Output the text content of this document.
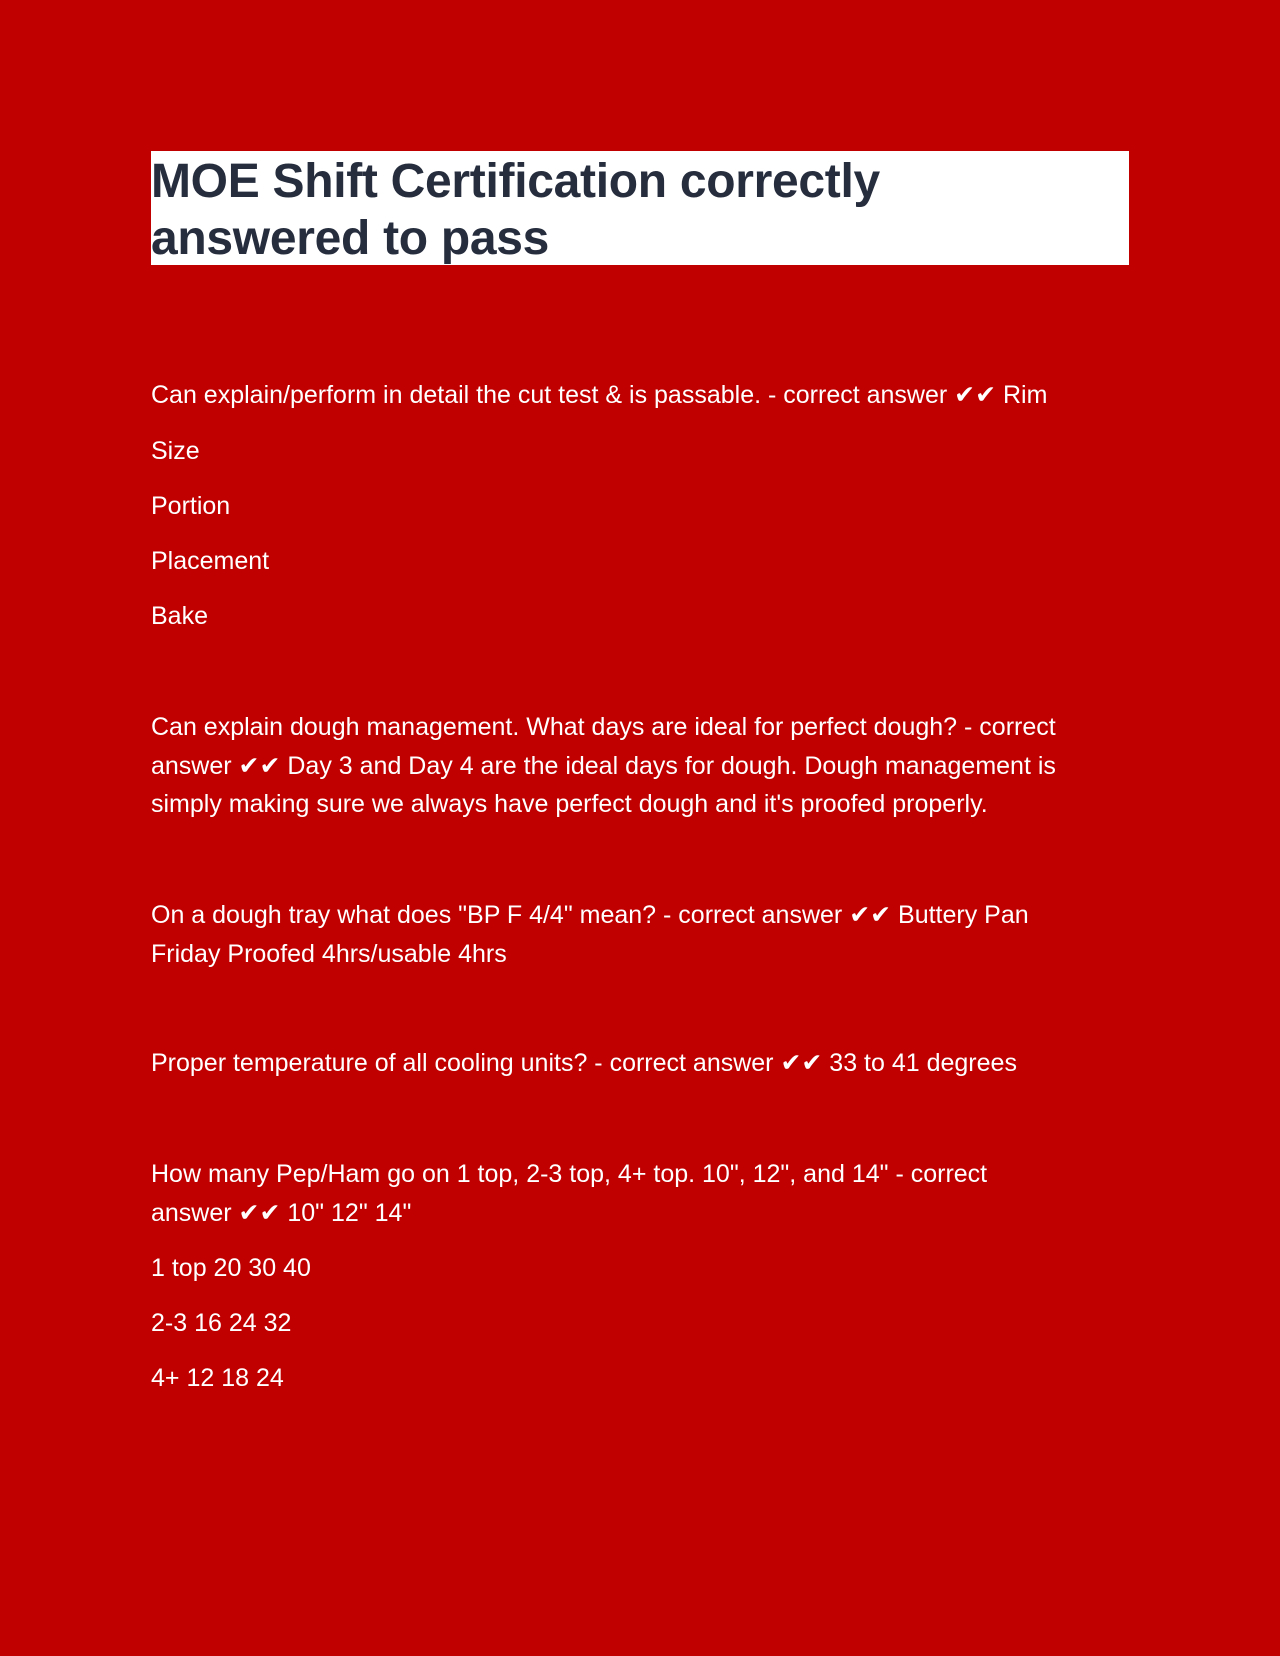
MOE Shift Certification correctly
answered to pass
Can explain/perform in detail the cut test & is passable. - correct answer ✔✔ Rim
Size
Portion
Placement
Bake
Can explain dough management. What days are ideal for perfect dough? - correct
answer ✔✔ Day 3 and Day 4 are the ideal days for dough. Dough management is
simply making sure we always have perfect dough and it's proofed properly.
On a dough tray what does "BP F 4/4" mean? - correct answer ✔✔ Buttery Pan
Friday Proofed 4hrs/usable 4hrs
Proper temperature of all cooling units? - correct answer ✔✔ 33 to 41 degrees
How many Pep/Ham go on 1 top, 2-3 top, 4+ top. 10", 12", and 14" - correct
answer ✔✔ 10" 12" 14"
1 top 20 30 40
2-3 16 24 32
4+ 12 18 24
